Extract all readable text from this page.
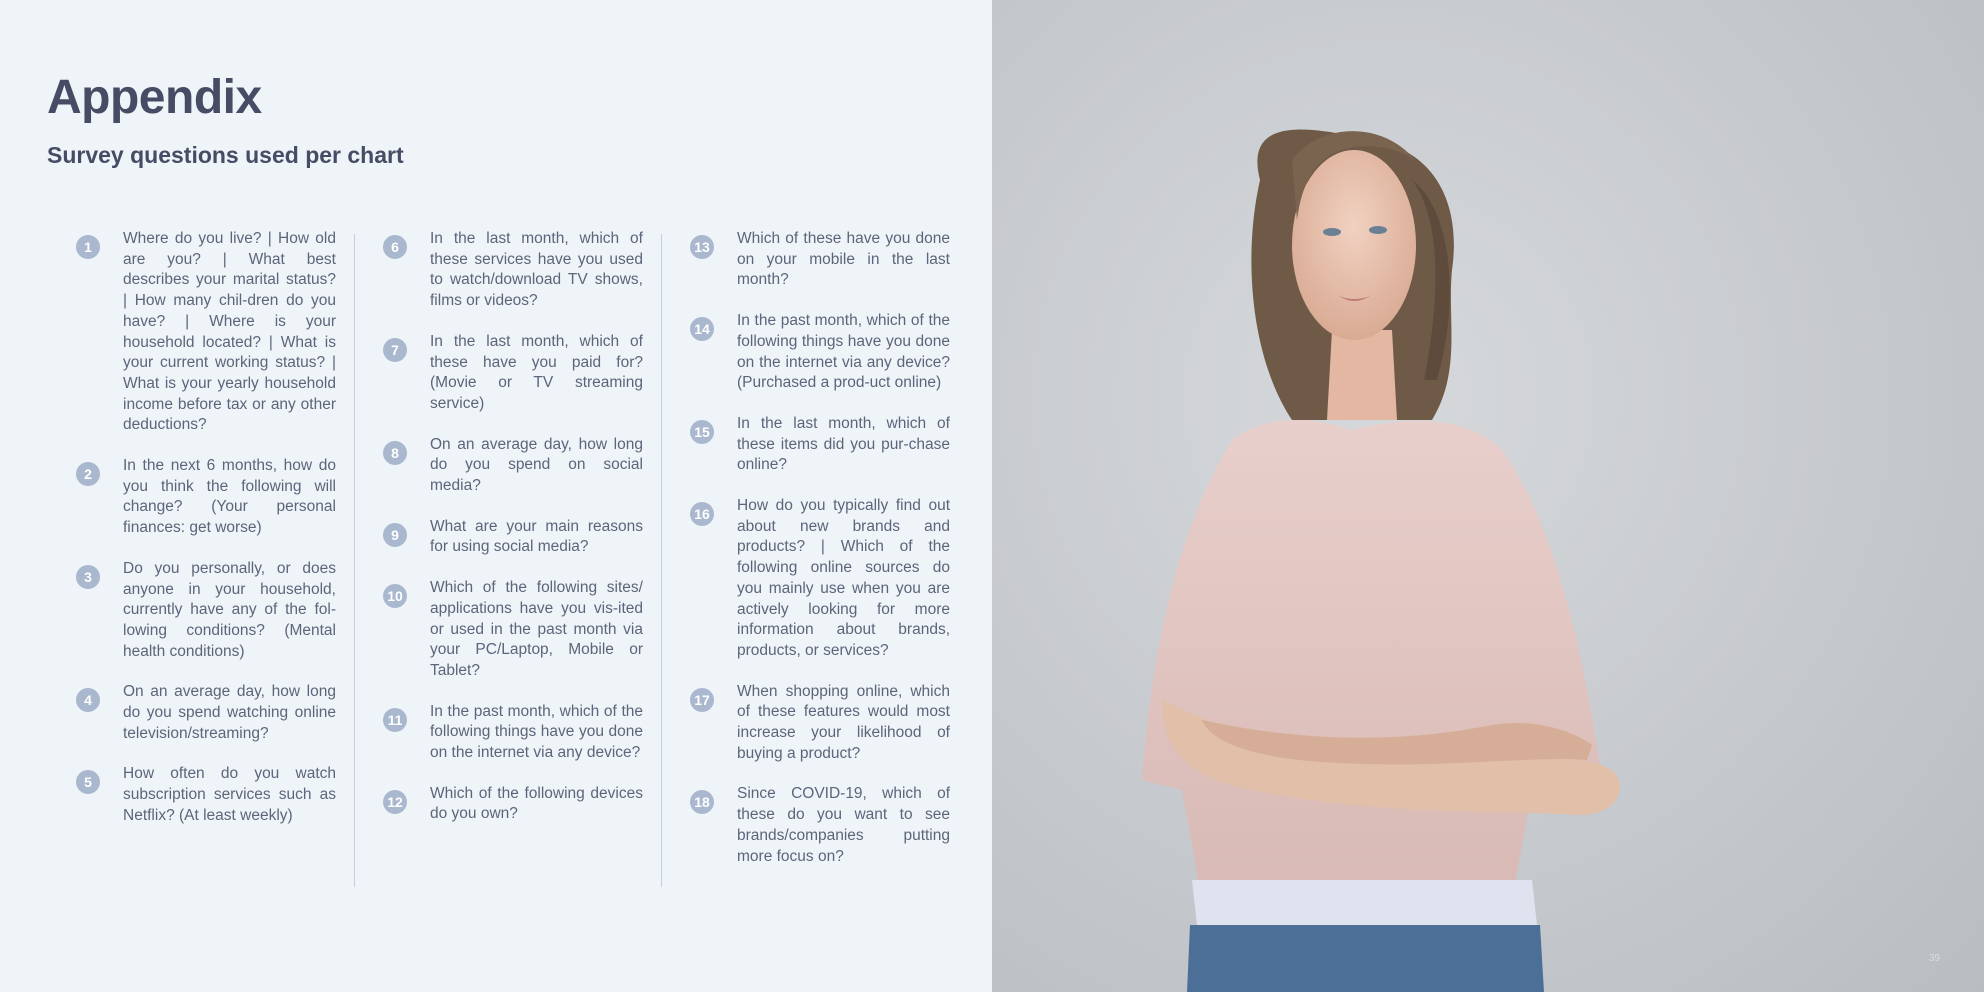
Appendix
Survey questions used per chart
1	Where do you live? | How old are you? | What best describes your marital status? | How many chil-dren do you have? | Where is your household located? | What is your current working status? | What is your yearly household income before tax or any other deductions?

2	In the next 6 months, how do you think the following will change? (Your personal finances: get worse)

3	Do you personally, or does anyone in your household, currently have any of the fol-lowing conditions? (Mental health conditions)

4	On an average day, how long do you spend watching online television/streaming?

5	How often do you watch subscription services such as Netflix? (At least weekly)

6	In the last month, which of these services have you used to watch/download TV shows, films or videos?

7	In the last month, which of these have you paid for? (Movie or TV streaming service)

8	On an average day, how long do you spend on social media?

9	What are your main reasons for using social media?

10 Which of the following sites/ applications have you vis-ited or used in the past month via your PC/Laptop, Mobile or Tablet?

11 In the past month, which of the following things have you done on the internet via any device?

12 Which of the following devices do you own?

13 Which of these have you done on your mobile in the last month?

14 In the past month, which of the following things have you done on the internet via any device? (Purchased a prod-uct online)

15 In the last month, which of these items did you pur-chase online?

16 How do you typically find out about new brands and products? | Which of the following online sources do you mainly use when you are actively looking for more information about brands, products, or services?

17 When shopping online, which of these features would most increase your likelihood of buying a product?

18 Since COVID-19, which of these do you want to see brands/companies putting more focus on?

39
